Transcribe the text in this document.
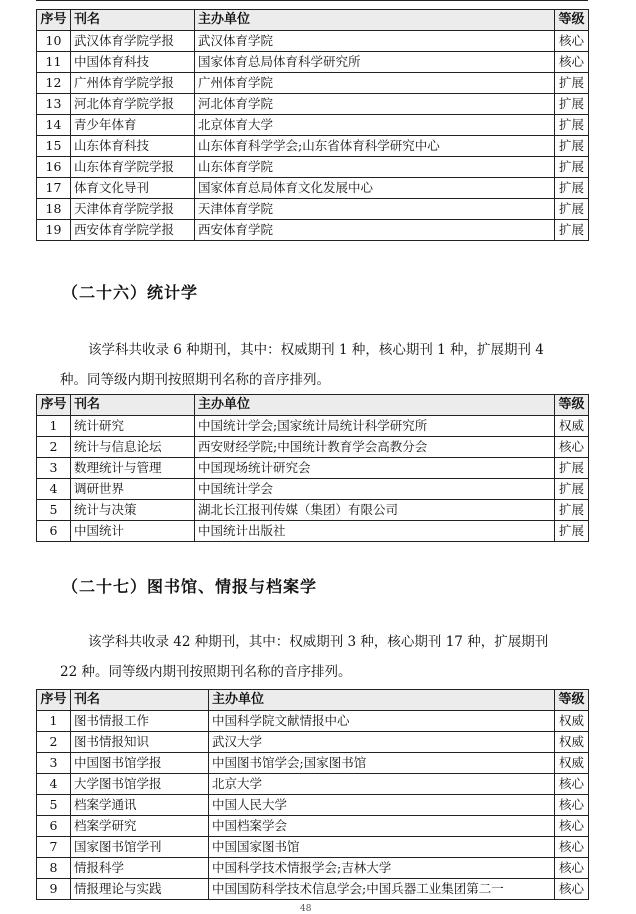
序号	刊名	主办单位	等级
10	武汉体育学院学报	武汉体育学院	核心
11	中国体育科技	国家体育总局体育科学研究所	核心
12	广州体育学院学报	广州体育学院	扩展
13	河北体育学院学报	河北体育学院	扩展
14	青少年体育	北京体育大学	扩展
15	山东体育科技	山东体育科学学会;山东省体育科学研究中心	扩展
16	山东体育学院学报	山东体育学院	扩展
17	体育文化导刊	国家体育总局体育文化发展中心	扩展
18	天津体育学院学报	天津体育学院	扩展
19	西安体育学院学报	西安体育学院	扩展
（二十六）统计学
该学科共收录 6 种期刊，其中：权威期刊 1 种，核心期刊 1 种，扩展期刊 4
种。同等级内期刊按照期刊名称的音序排列。
序号	刊名	主办单位	等级
1	统计研究	中国统计学会;国家统计局统计科学研究所	权威
2	统计与信息论坛	西安财经学院;中国统计教育学会高教分会	核心
3	数理统计与管理	中国现场统计研究会	扩展
4	调研世界	中国统计学会	扩展
5	统计与决策	湖北长江报刊传媒（集团）有限公司	扩展
6	中国统计	中国统计出版社	扩展
（二十七）图书馆、情报与档案学
该学科共收录 42 种期刊，其中：权威期刊 3 种，核心期刊 17 种，扩展期刊
22 种。同等级内期刊按照期刊名称的音序排列。
序号	刊名	主办单位	等级
1	图书情报工作	中国科学院文献情报中心	权威
2	图书情报知识	武汉大学	权威
3	中国图书馆学报	中国图书馆学会;国家图书馆	权威
4	大学图书馆学报	北京大学	核心
5	档案学通讯	中国人民大学	核心
6	档案学研究	中国档案学会	核心
7	国家图书馆学刊	中国国家图书馆	核心
8	情报科学	中国科学技术情报学会;吉林大学	核心
9	情报理论与实践	中国国防科学技术信息学会;中国兵器工业集团第二一	核心
48
